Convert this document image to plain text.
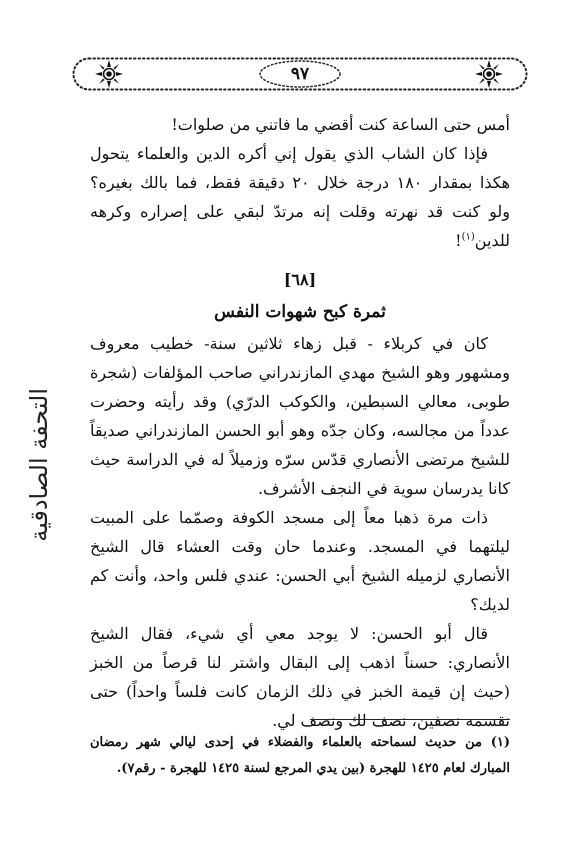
٩٧
التحفة الصادقية

أمس حتى الساعة كنت أقضي ما فاتني من صلوات!

فإذا كان الشاب الذي يقول إني أكره الدين والعلماء يتحول هكذا بمقدار ١٨٠ درجة خلال ٢٠ دقيقة فقط، فما بالك بغيره؟ ولو كنت قد نهرته وقلت إنه مرتدّ لبقي على إصراره وكرهه للدين$^{(١)}$!

[٦٨]
ثمرة كبح شهوات النفس

كان في كربلاء - قبل زهاء ثلاثين سنة- خطيب معروف ومشهور وهو الشيخ مهدي المازندراني صاحب المؤلفات (شجرة طوبى، معالي السبطين، والكوكب الدرّي) وقد رأيته وحضرت عدداً من مجالسه، وكان جدّه وهو أبو الحسن المازندراني صديقاً للشيخ مرتضى الأنصاري قدّس سرّه وزميلاً له في الدراسة حيث كانا يدرسان سوية في النجف الأشرف.

ذات مرة ذهبا معاً إلى مسجد الكوفة وصمّما على المبيت ليلتهما في المسجد. وعندما حان وقت العشاء قال الشيخ الأنصاري لزميله الشيخ أبي الحسن: عندي فلس واحد، وأنت كم لديك؟

قال أبو الحسن: لا يوجد معي أي شيء، فقال الشيخ الأنصاري: حسناً اذهب إلى البقال واشتر لنا قرصاً من الخبز (حيث إن قيمة الخبز في ذلك الزمان كانت فلساً واحداً) حتى نقسمه نصفين، نصف لك ونصف لي.

(١) من حديث لسماحته بالعلماء والفضلاء في إحدى ليالي شهر رمضان المبارك لعام ١٤٢٥ للهجرة (بين يدي المرجع لسنة ١٤٢٥ للهجرة - رقم٧).
